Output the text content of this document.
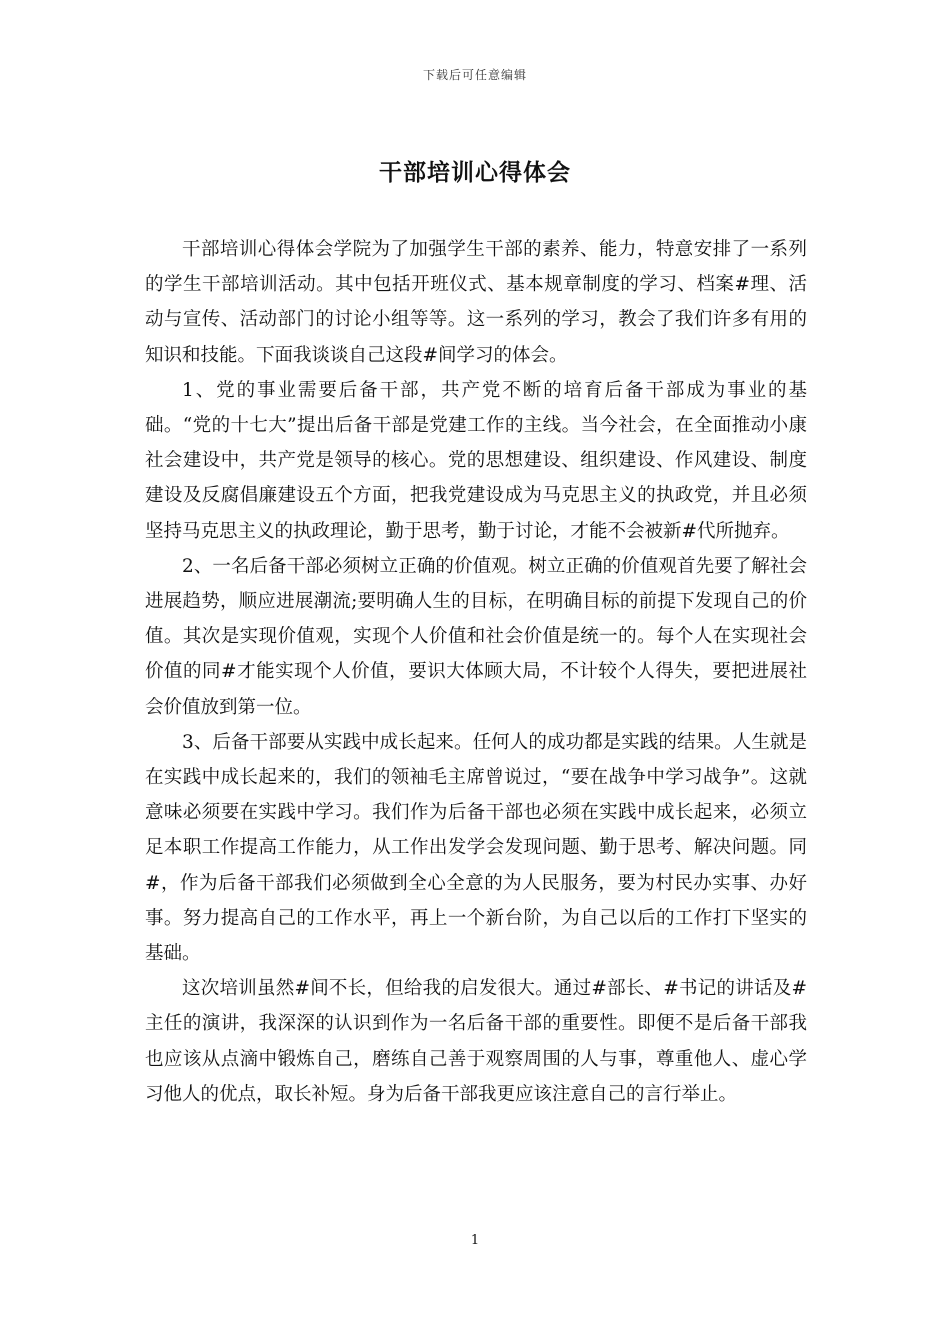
下载后可任意编辑
干部培训心得体会

干部培训心得体会学院为了加强学生干部的素养、能力，特意安排了一系列的学生干部培训活动。其中包括开班仪式、基本规章制度的学习、档案#理、活动与宣传、活动部门的讨论小组等等。这一系列的学习，教会了我们许多有用的知识和技能。下面我谈谈自己这段#间学习的体会。

1、党的事业需要后备干部，共产党不断的培育后备干部成为事业的基础。“党的十七大”提出后备干部是党建工作的主线。当今社会，在全面推动小康社会建设中，共产党是领导的核心。党的思想建设、组织建设、作风建设、制度建设及反腐倡廉建设五个方面，把我党建设成为马克思主义的执政党，并且必须坚持马克思主义的执政理论，勤于思考，勤于讨论，才能不会被新#代所抛弃。

2、一名后备干部必须树立正确的价值观。树立正确的价值观首先要了解社会进展趋势，顺应进展潮流;要明确人生的目标，在明确目标的前提下发现自己的价值。其次是实现价值观，实现个人价值和社会价值是统一的。每个人在实现社会价值的同#才能实现个人价值，要识大体顾大局，不计较个人得失，要把进展社会价值放到第一位。

3、后备干部要从实践中成长起来。任何人的成功都是实践的结果。人生就是在实践中成长起来的，我们的领袖毛主席曾说过，“要在战争中学习战争”。这就意味必须要在实践中学习。我们作为后备干部也必须在实践中成长起来，必须立足本职工作提高工作能力，从工作出发学会发现问题、勤于思考、解决问题。同#，作为后备干部我们必须做到全心全意的为人民服务，要为村民办实事、办好事。努力提高自己的工作水平，再上一个新台阶，为自己以后的工作打下坚实的基础。

这次培训虽然#间不长，但给我的启发很大。通过#部长、#书记的讲话及#主任的演讲，我深深的认识到作为一名后备干部的重要性。即便不是后备干部我也应该从点滴中锻炼自己，磨练自己善于观察周围的人与事，尊重他人、虚心学习他人的优点，取长补短。身为后备干部我更应该注意自己的言行举止。

1
